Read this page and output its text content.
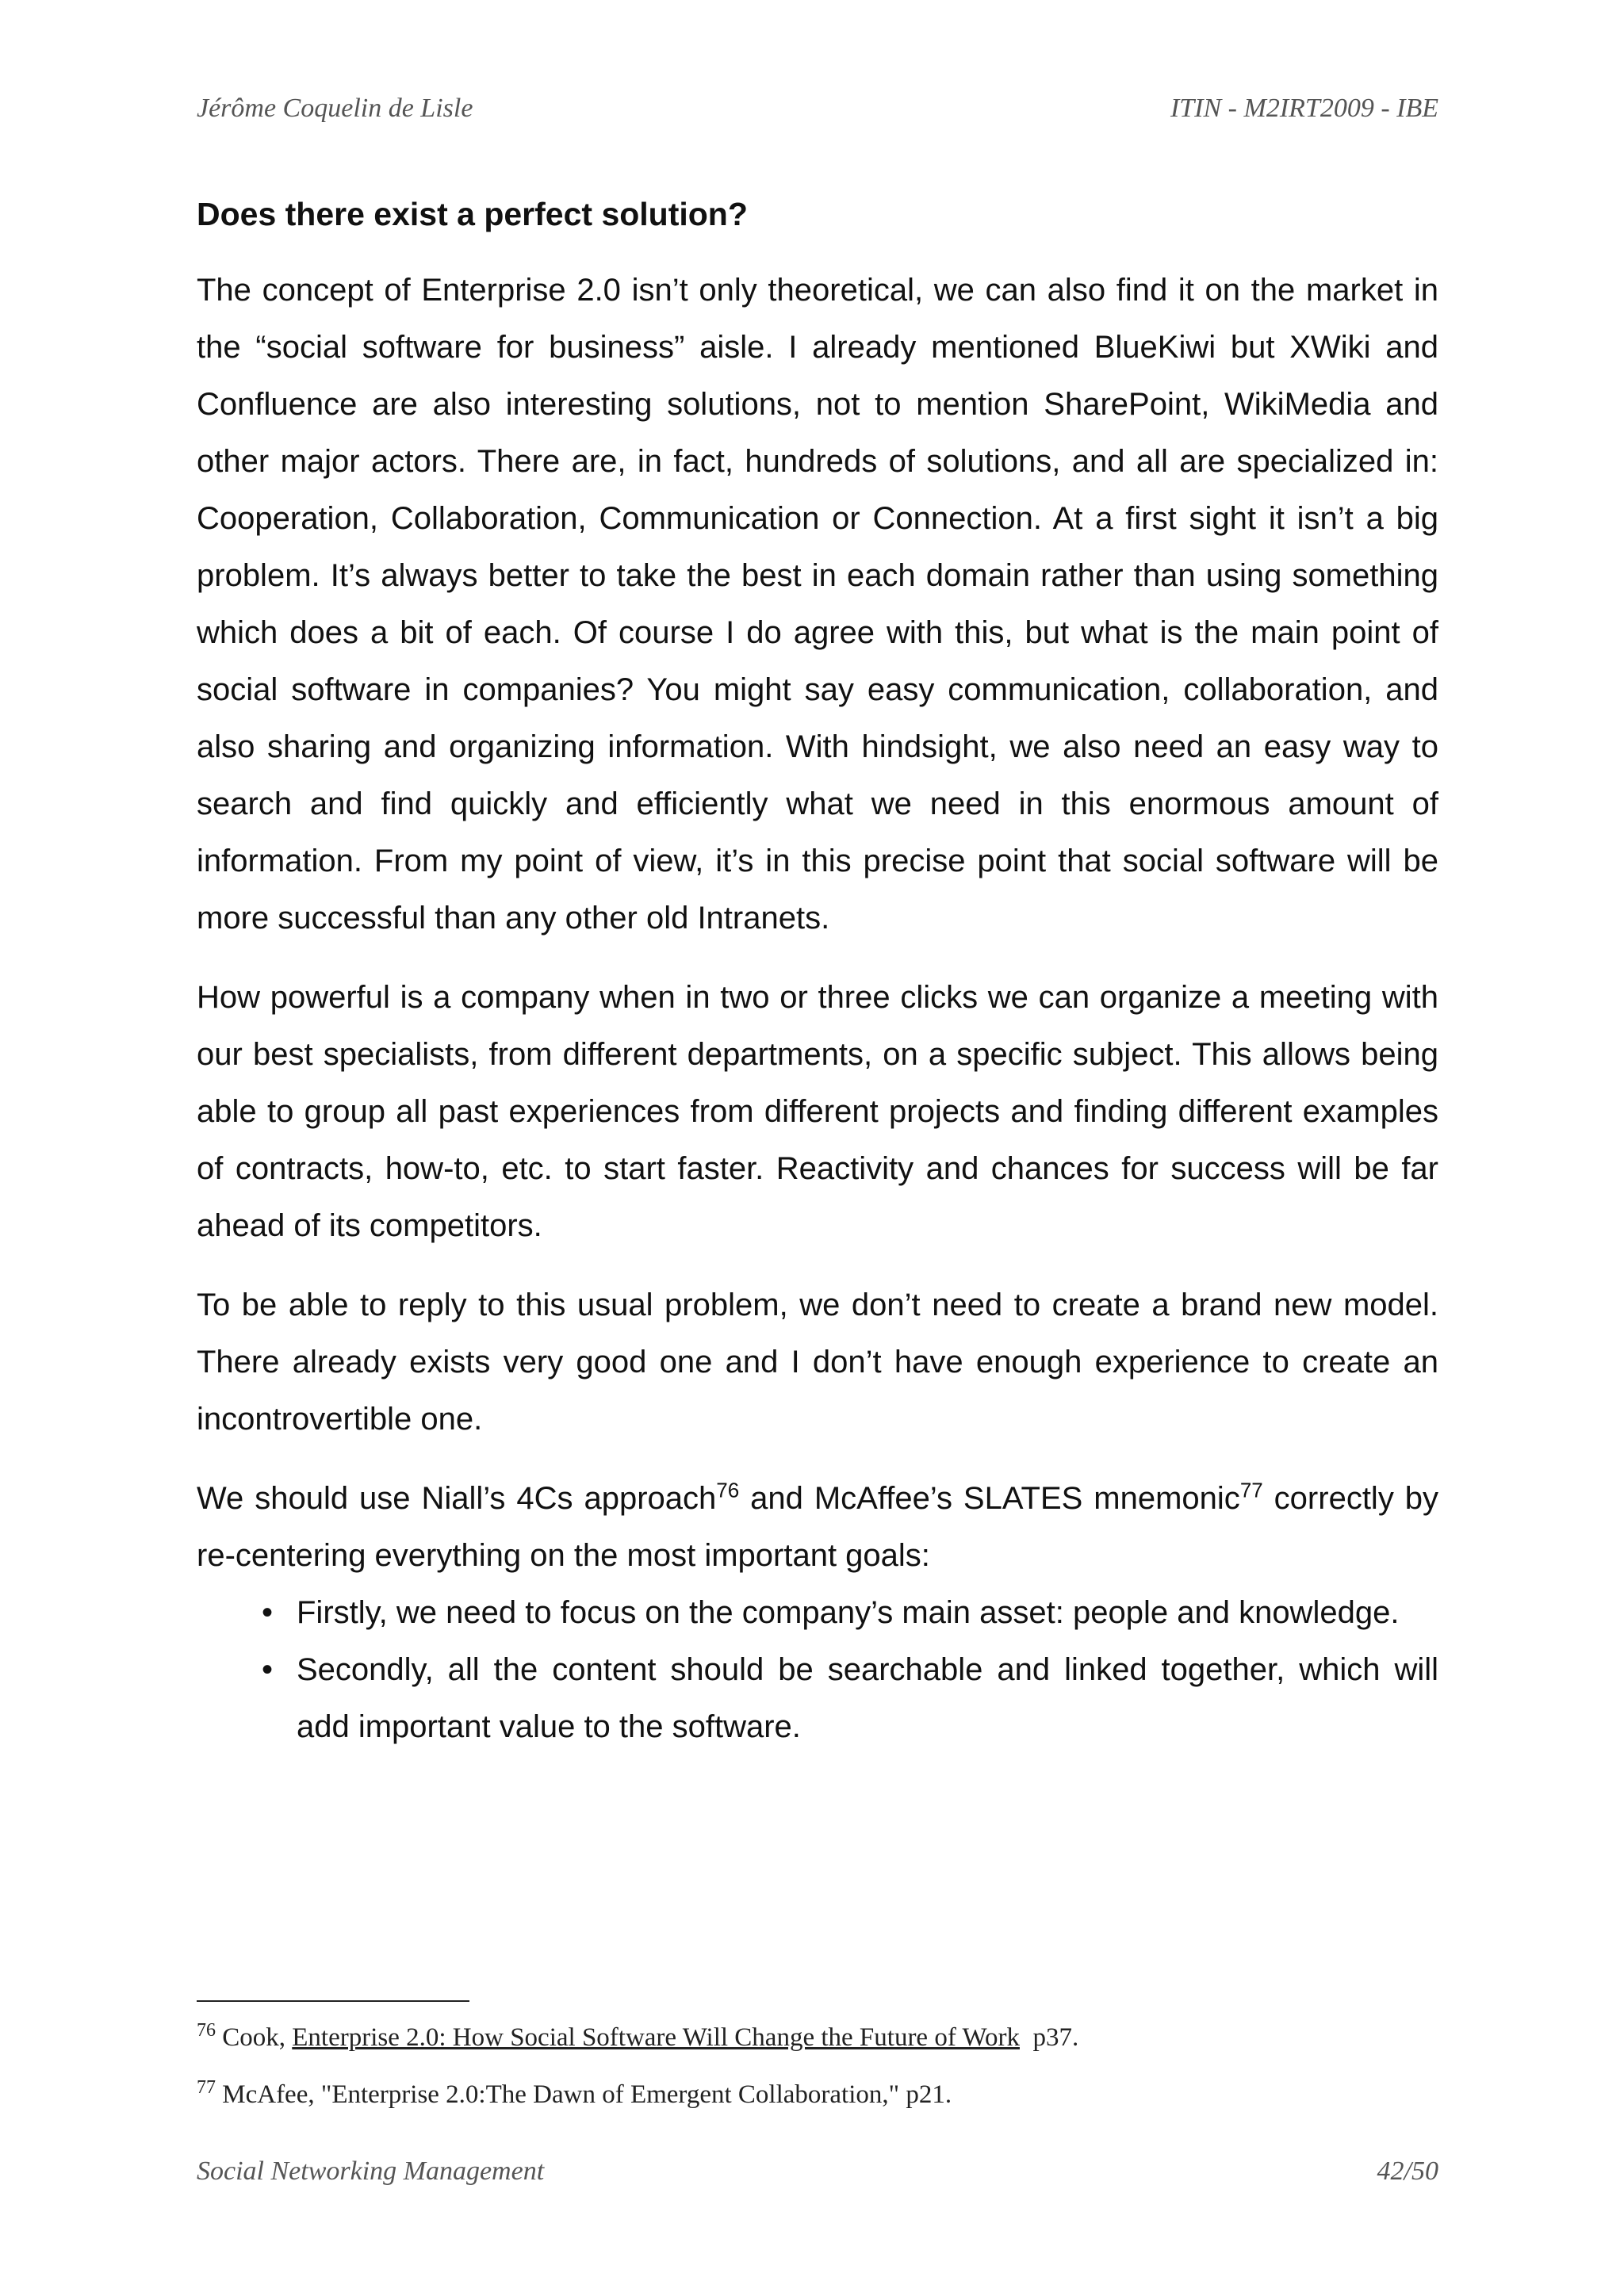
Jérôme Coquelin de Lisle	ITIN - M2IRT2009 - IBE
Does there exist a perfect solution?

The concept of Enterprise 2.0 isn’t only theoretical, we can also find it on the market in the “social software for business” aisle. I already mentioned BlueKiwi but XWiki and Confluence are also interesting solutions, not to mention SharePoint, WikiMedia and other major actors. There are, in fact, hundreds of solutions, and all are specialized in: Cooperation, Collaboration, Communication or Connection. At a first sight it isn’t a big problem. It’s always better to take the best in each domain rather than using something which does a bit of each. Of course I do agree with this, but what is the main point of social software in companies? You might say easy communication, collaboration, and also sharing and organizing information. With hindsight, we also need an easy way to search and find quickly and efficiently what we need in this enormous amount of information. From my point of view, it’s in this precise point that social software will be more successful than any other old Intranets.

How powerful is a company when in two or three clicks we can organize a meeting with our best specialists, from different departments, on a specific subject. This allows being able to group all past experiences from different projects and finding different examples of contracts, how-to, etc. to start faster. Reactivity and chances for success will be far ahead of its competitors.

To be able to reply to this usual problem, we don’t need to create a brand new model. There already exists very good one and I don’t have enough experience to create an incontrovertible one.

We should use Niall’s 4Cs approach$^{76}$ and McAffee’s SLATES mnemonic$^{77}$ correctly by re-centering everything on the most important goals:

• Firstly, we need to focus on the company’s main asset: people and knowledge.
• Secondly, all the content should be searchable and linked together, which will add important value to the software.
$^{76}$ Cook, Enterprise 2.0: How Social Software Will Change the Future of Work  p37.
$^{77}$ McAfee, "Enterprise 2.0:The Dawn of Emergent Collaboration," p21.
Social Networking Management	42/50
